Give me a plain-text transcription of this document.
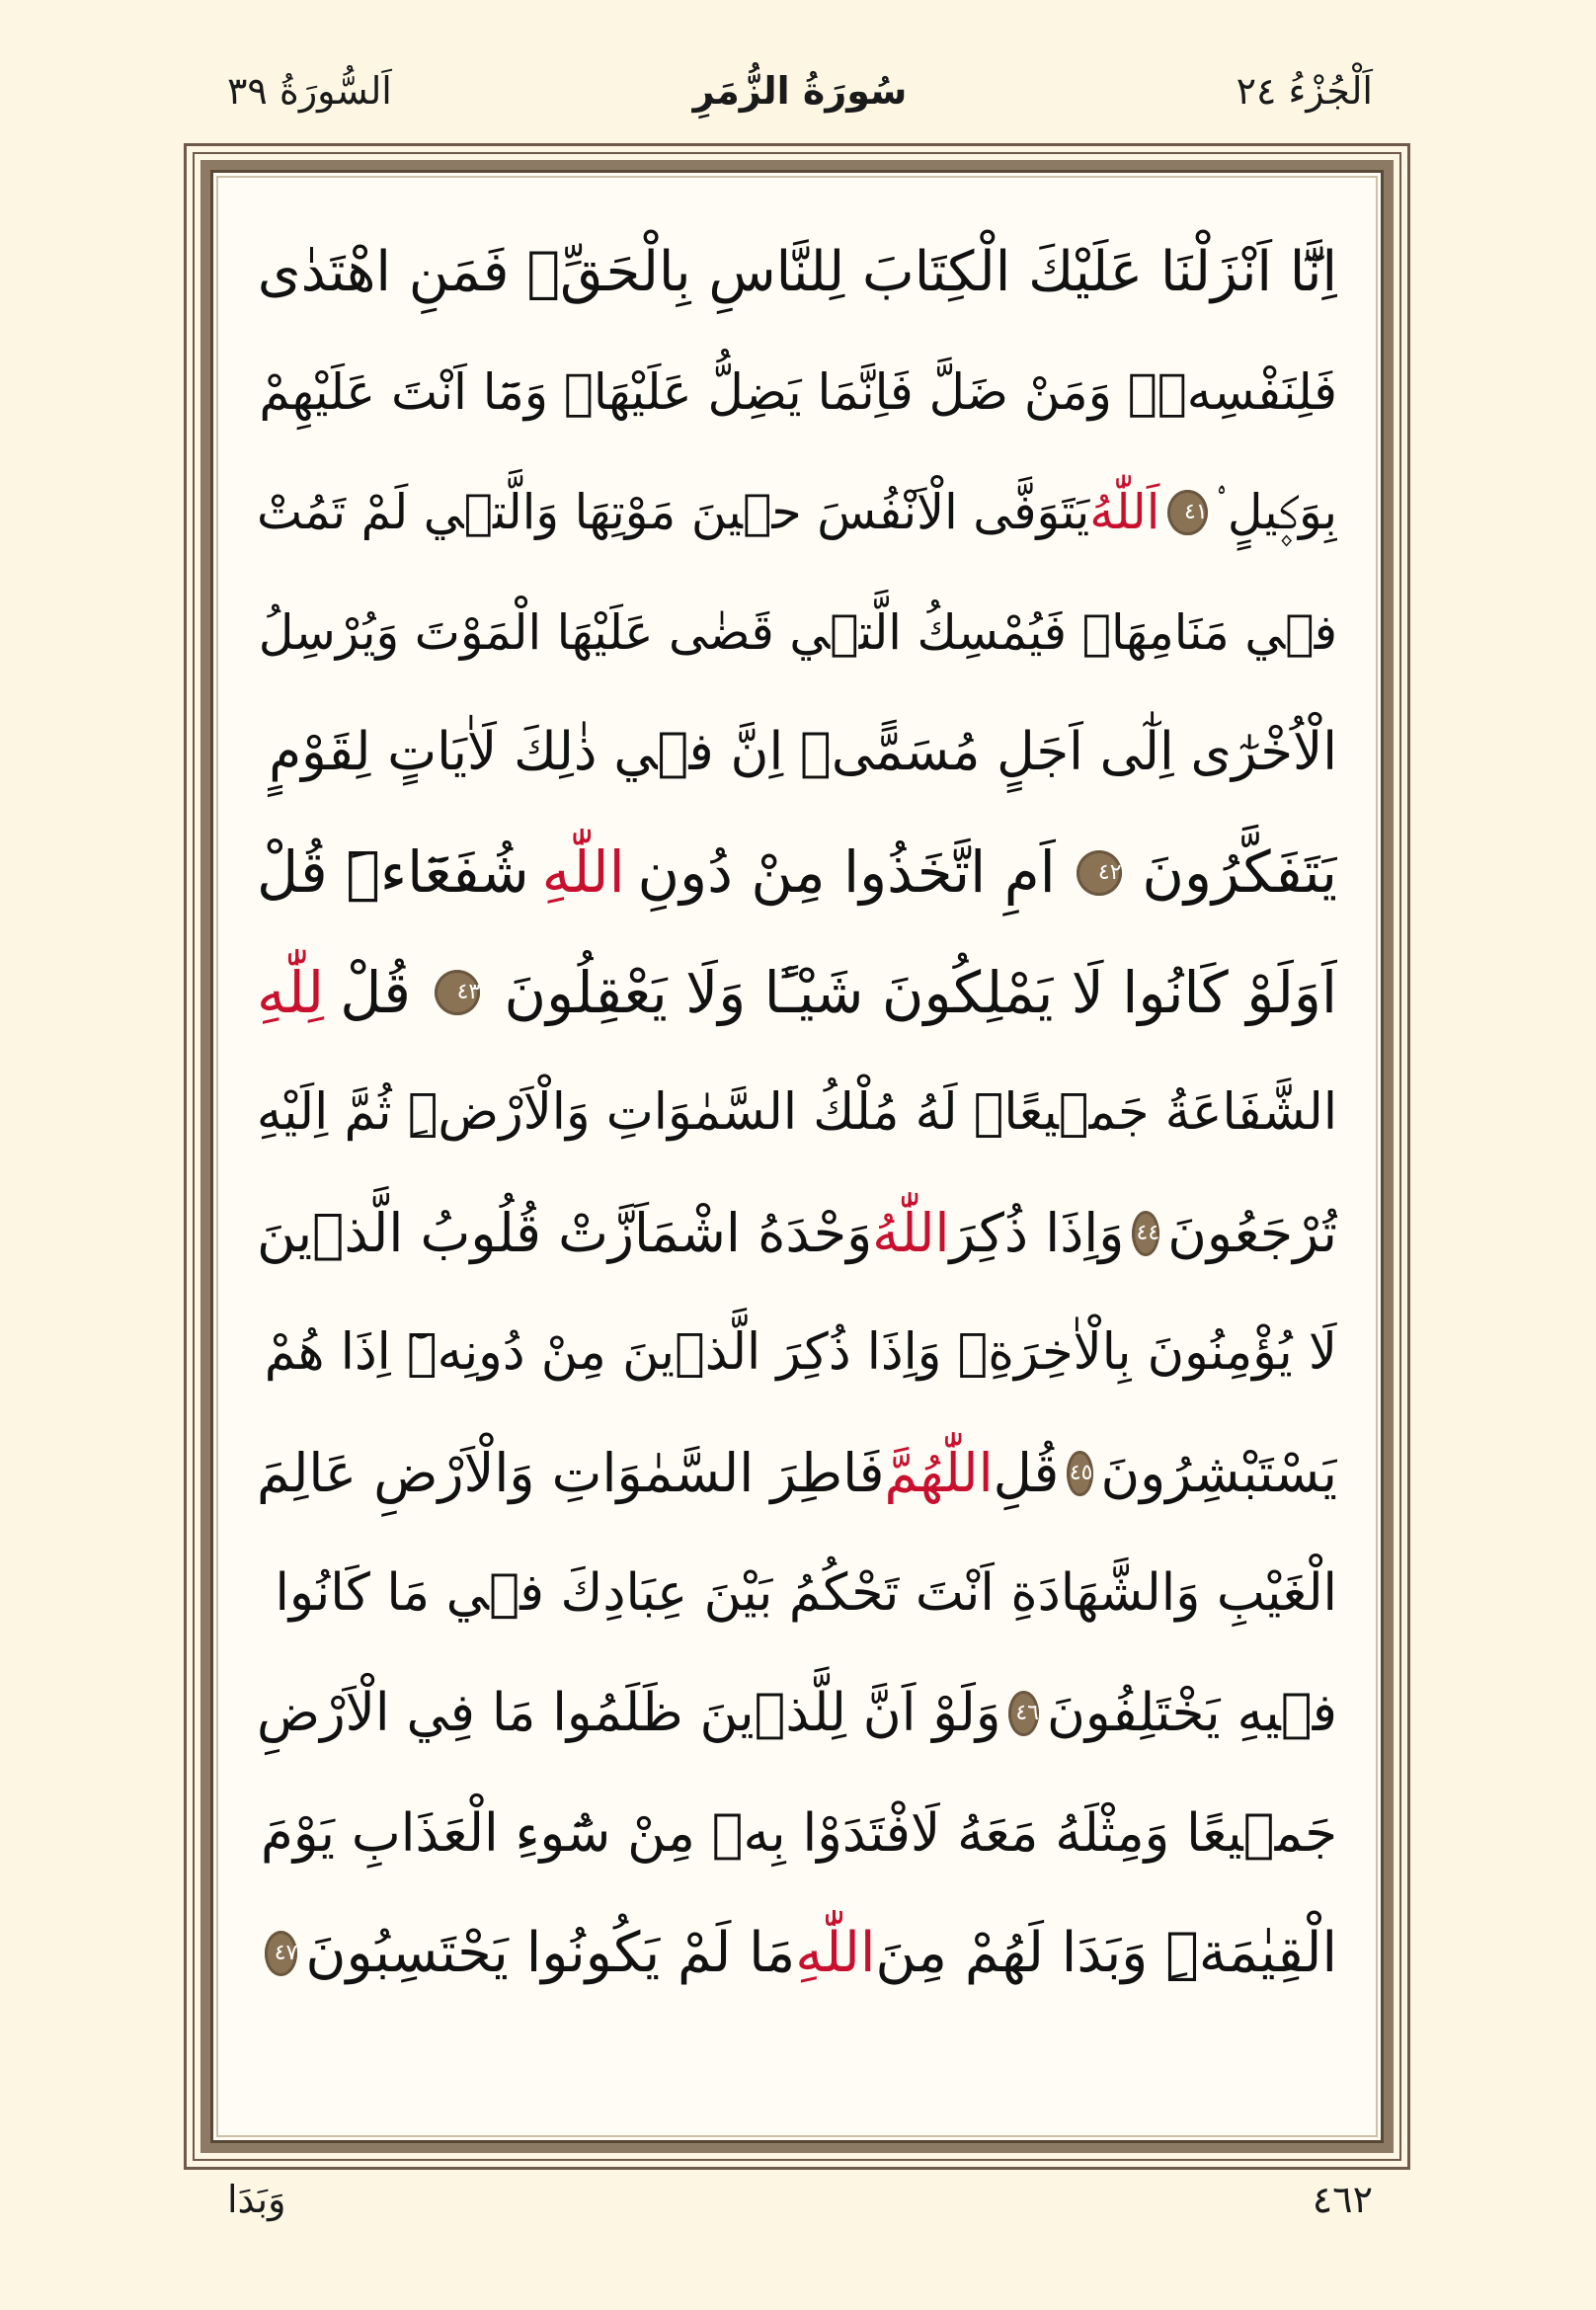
اَلْجُزْءُ ٢٤
سُورَةُ الزُّمَرِ
اَلسُّورَةُ ٣٩
اِنَّٓا اَنْزَلْنَا عَلَيْكَ الْكِتَابَ لِلنَّاسِ بِالْحَقِّۚ فَمَنِ اهْتَدٰى
فَلِنَفْسِهٖۚ وَمَنْ ضَلَّ فَاِنَّمَا يَضِلُّ عَلَيْهَاۚ وَمَٓا اَنْتَ عَلَيْهِمْ
بِوَك۪يلٍ ۟
٤١
اَللّٰهُ
يَتَوَفَّى الْاَنْفُسَ ح۪ينَ مَوْتِهَا وَالَّت۪ي لَمْ تَمُتْ
ف۪ي مَنَامِهَاۚ فَيُمْسِكُ الَّت۪ي قَضٰى عَلَيْهَا الْمَوْتَ وَيُرْسِلُ
الْاُخْرٰٓى اِلٰٓى اَجَلٍ مُسَمًّىۜ اِنَّ ف۪ي ذٰلِكَ لَاٰيَاتٍ لِقَوْمٍ
يَتَفَكَّرُونَ
٤٢
اَمِ اتَّخَذُوا مِنْ دُونِ
اللّٰهِ
شُفَعَٓاءَۜ قُلْ
اَوَلَوْ كَانُوا لَا يَمْلِكُونَ شَيْـًٔا وَلَا يَعْقِلُونَ
٤٣
قُلْ
لِلّٰهِ
الشَّفَاعَةُ جَم۪يعًاۜ لَهُ مُلْكُ السَّمٰوَاتِ وَالْاَرْضِۜ ثُمَّ اِلَيْهِ
تُرْجَعُونَ
٤٤
وَاِذَا ذُكِرَ
اللّٰهُ
وَحْدَهُ اشْمَاَزَّتْ قُلُوبُ الَّذ۪ينَ
لَا يُؤْمِنُونَ بِالْاٰخِرَةِۚ وَاِذَا ذُكِرَ الَّذ۪ينَ مِنْ دُونِه۪ٓ اِذَا هُمْ
يَسْتَبْشِرُونَ
٤٥
قُلِ
اللّٰهُمَّ
فَاطِرَ السَّمٰوَاتِ وَالْاَرْضِ عَالِمَ
الْغَيْبِ وَالشَّهَادَةِ اَنْتَ تَحْكُمُ بَيْنَ عِبَادِكَ ف۪ي مَا كَانُوا
ف۪يهِ يَخْتَلِفُونَ
٤٦
وَلَوْ اَنَّ لِلَّذ۪ينَ ظَلَمُوا مَا فِي الْاَرْضِ
جَم۪يعًا وَمِثْلَهُ مَعَهُ لَافْتَدَوْا بِه۪ مِنْ سُٓوءِ الْعَذَابِ يَوْمَ
الْقِيٰمَةِۜ وَبَدَا لَهُمْ مِنَ
اللّٰهِ
مَا لَمْ يَكُونُوا يَحْتَسِبُونَ
٤٧
٤٦٢
وَبَدَا
